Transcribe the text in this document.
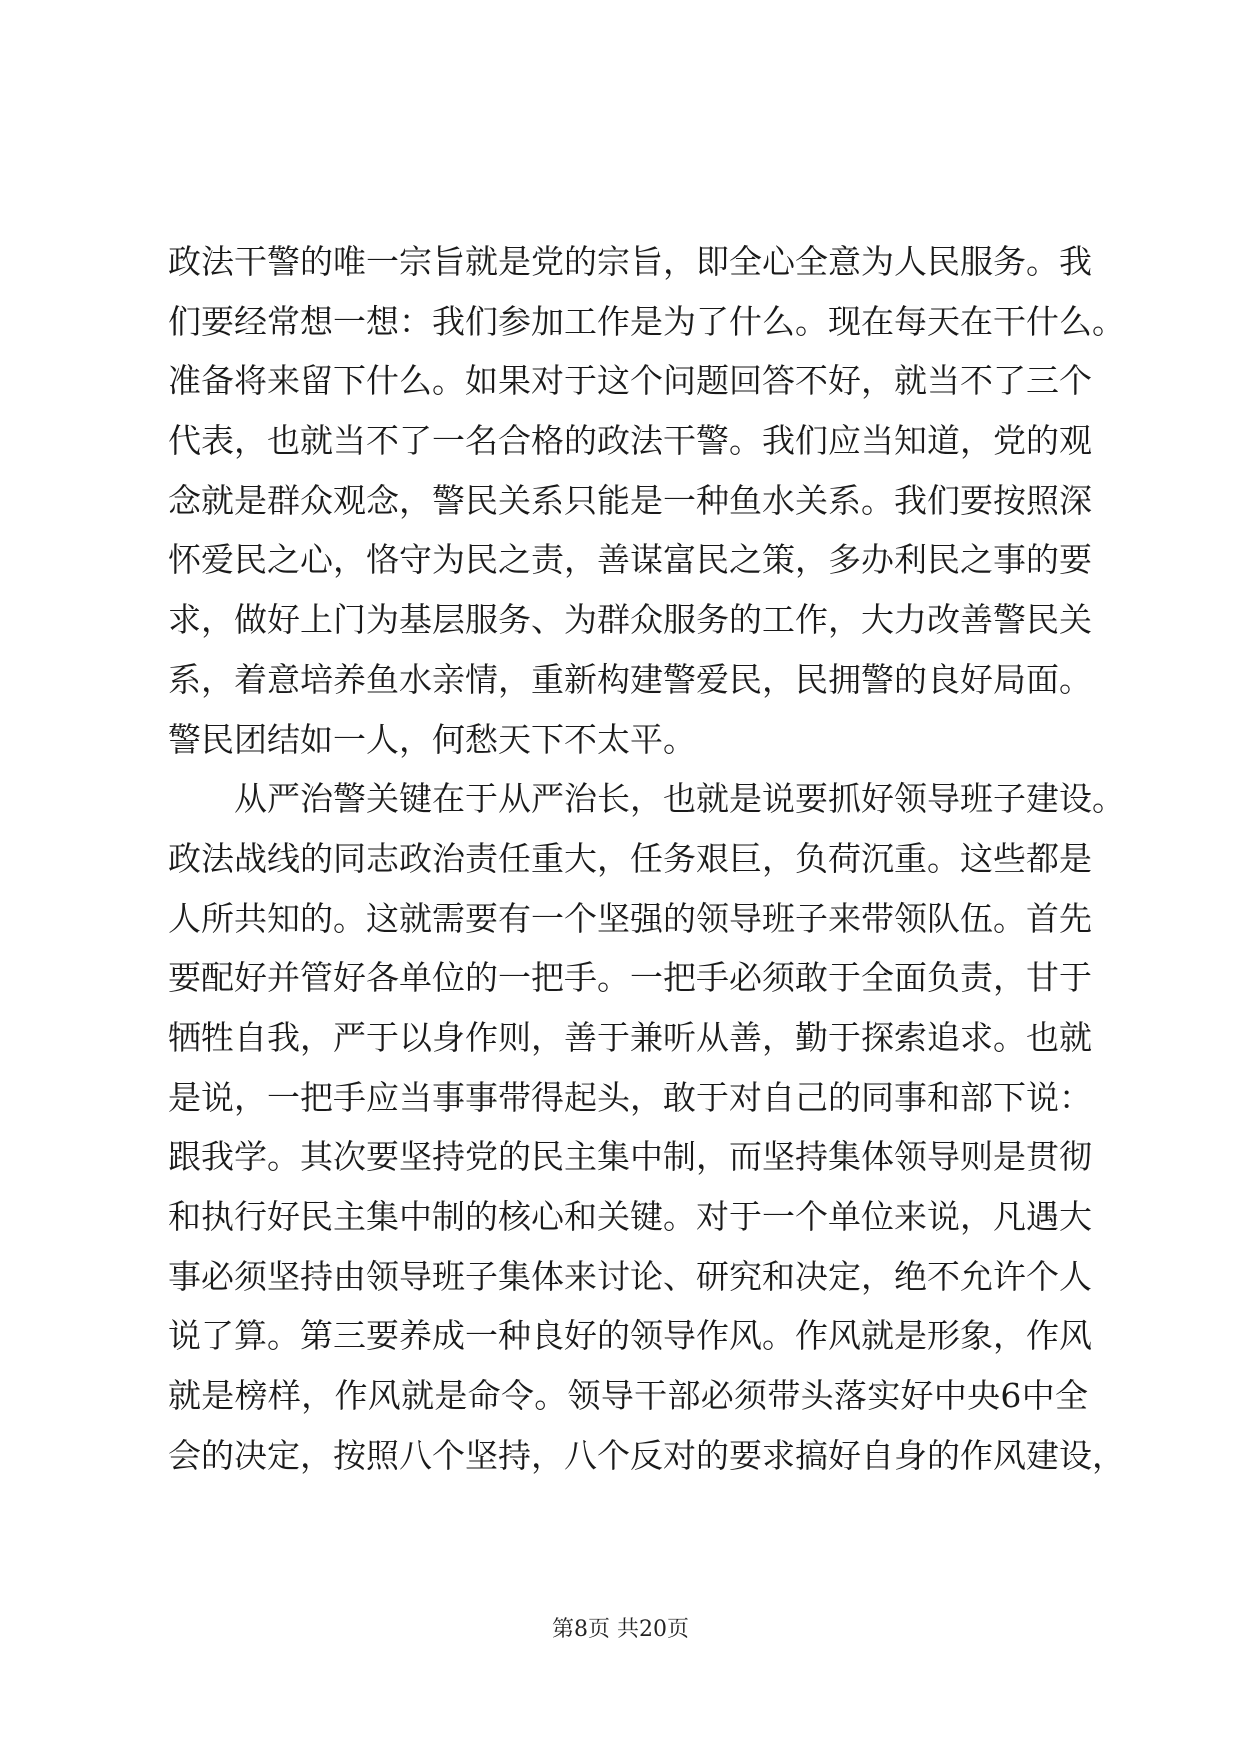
政法干警的唯一宗旨就是党的宗旨，即全心全意为人民服务。我
们要经常想一想：我们参加工作是为了什么。现在每天在干什么。
准备将来留下什么。如果对于这个问题回答不好，就当不了三个
代表，也就当不了一名合格的政法干警。我们应当知道，党的观
念就是群众观念，警民关系只能是一种鱼水关系。我们要按照深
怀爱民之心，恪守为民之责，善谋富民之策，多办利民之事的要
求，做好上门为基层服务、为群众服务的工作，大力改善警民关
系，着意培养鱼水亲情，重新构建警爱民，民拥警的良好局面。
警民团结如一人，何愁天下不太平。
从严治警关键在于从严治长，也就是说要抓好领导班子建设。
政法战线的同志政治责任重大，任务艰巨，负荷沉重。这些都是
人所共知的。这就需要有一个坚强的领导班子来带领队伍。首先
要配好并管好各单位的一把手。一把手必须敢于全面负责，甘于
牺牲自我，严于以身作则，善于兼听从善，勤于探索追求。也就
是说，一把手应当事事带得起头，敢于对自己的同事和部下说：
跟我学。其次要坚持党的民主集中制，而坚持集体领导则是贯彻
和执行好民主集中制的核心和关键。对于一个单位来说，凡遇大
事必须坚持由领导班子集体来讨论、研究和决定，绝不允许个人
说了算。第三要养成一种良好的领导作风。作风就是形象，作风
就是榜样，作风就是命令。领导干部必须带头落实好中央6中全
会的决定，按照八个坚持，八个反对的要求搞好自身的作风建设，
第8页 共20页
